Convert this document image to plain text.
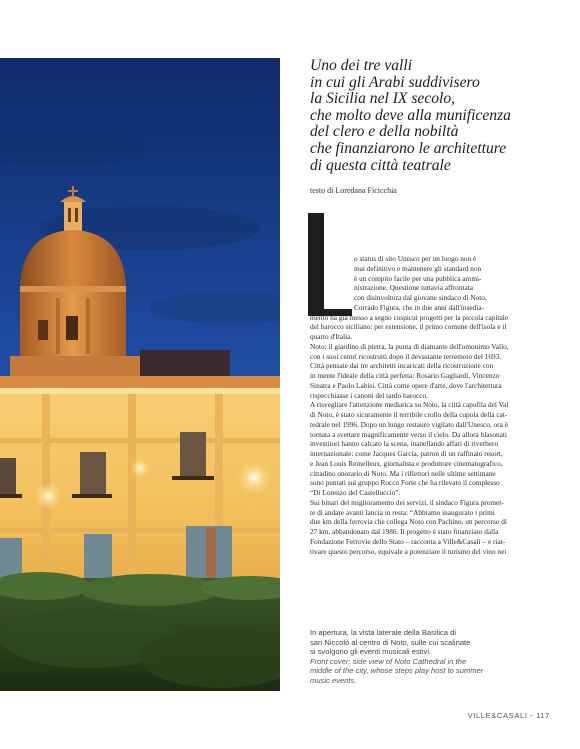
Uno dei tre valli
in cui gli Arabi suddivisero
la Sicilia nel IX secolo,
che molto deve alla munificenza
del clero e della nobiltà
che finanziarono le architetture
di questa città teatrale
testo di Loredana Ficicchia
o status di sito Unesco per un luogo non è
mai definitivo e mantenere gli standard non
è un compito facile per una pubblica ammi-
nistrazione. Questione tuttavia affrontata
con disinvoltura dal giovane sindaco di Noto,
Corrado Figura, che in due anni dall'insedia-
mento ha già messo a segno cospicui progetti per la piccola capitale
del barocco siciliano: per estensione, il primo comune dell'isola e il
quarto d'Italia.
Noto: il giardino di pietra, la punta di diamante dell'omonimo Vallo,
con i suoi centri ricostruiti dopo il devastante terremoto del 1693.
Città pensate dai tre architetti incaricati della ricostruzione con
in mente l'ideale della città perfetta: Rosario Gagliardi, Vincenzo
Sinatra e Paolo Labisi. Città come opere d'arte, dove l'architettura
rispecchiasse i canoni del tardo barocco.
A risvegliare l'attenzione mediatica su Noto, la città capofila del Val
di Noto, è stato sicuramente il terribile crollo della cupola della cat-
tedrale nel 1996. Dopo un lungo restauro vigilato dall'Unesco, ora è
tornata a svettare magnificamente verso il cielo. Da allora blasonati
investitori hanno calcato la scena, inanellando affari di riverbero
internazionale: come Jacques Garcia, patron di un raffinato resort,
e Jean Louis Remelleux, giornalista e produttore cinematografico,
cittadino onorario di Noto. Ma i riflettori nelle ultime settimane
sono puntati sul gruppo Rocco Forte che ha rilevato il complesso
“Di Lorenzo del Castelluccio”.
Sui binari del miglioramento dei servizi, il sindaco Figura promet-
te di andare avanti lancia in resta: “Abbiamo inaugurato i primi
due km della ferrovia che collega Noto con Pachino, un percorso di
27 km, abbandonato dal 1986. Il progetto è stato finanziato dalla
Fondazione Ferrovie dello Stato – racconta a Ville&Casali – e riat-
tivare questo percorso, equivale a potenziare il turismo del vino nei
In apertura, la vista laterale della Basilica di
san Niccolò al centro di Noto, sulle cui scalinate
si svolgono gli eventi musicali estivi.
Front cover: side view of Noto Cathedral in the
middle of the city, whose steps play host to summer
music events.
VILLE&CASALI - 117
